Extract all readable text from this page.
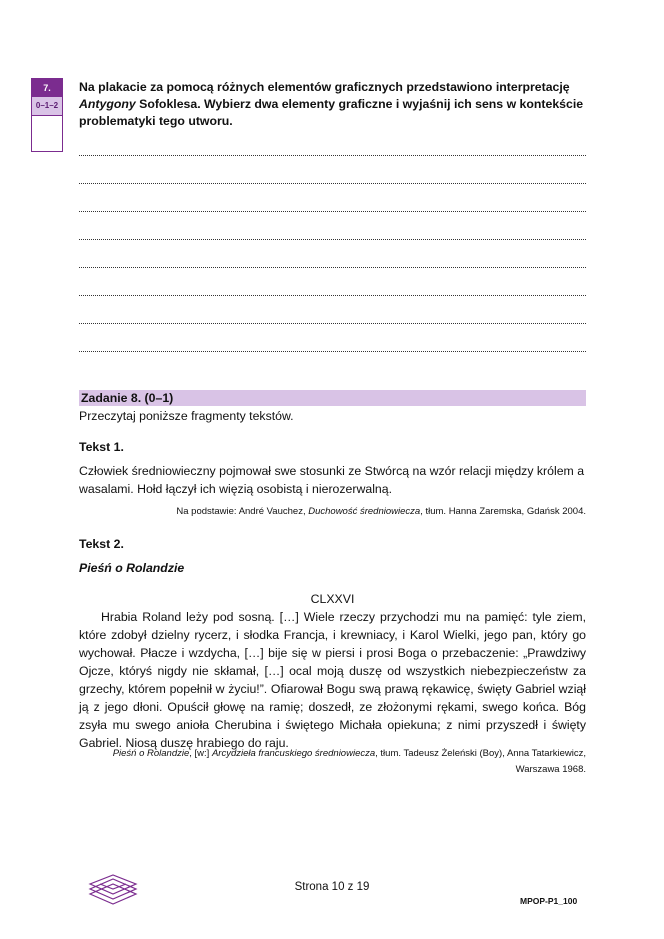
7.
0–1–2
Na plakacie za pomocą różnych elementów graficznych przedstawiono interpretację Antygony Sofoklesa. Wybierz dwa elementy graficzne i wyjaśnij ich sens w kontekście problematyki tego utworu.
Zadanie 8. (0–1)
Przeczytaj poniższe fragmenty tekstów.
Tekst 1.
Człowiek średniowieczny pojmował swe stosunki ze Stwórcą na wzór relacji między królem a wasalami. Hołd łączył ich więzią osobistą i nierozerwalną.
Na podstawie: André Vauchez, Duchowość średniowiecza, tłum. Hanna Zaremska, Gdańsk 2004.
Tekst 2.
Pieśń o Rolandzie
CLXXVI
Hrabia Roland leży pod sosną. […] Wiele rzeczy przychodzi mu na pamięć: tyle ziem, które zdobył dzielny rycerz, i słodka Francja, i krewniacy, i Karol Wielki, jego pan, który go wychował. Płacze i wzdycha, […] bije się w piersi i prosi Boga o przebaczenie: „Prawdziwy Ojcze, któryś nigdy nie skłamał, […] ocal moją duszę od wszystkich niebezpieczeństw za grzechy, którem popełnił w życiu!”. Ofiarował Bogu swą prawą rękawicę, święty Gabriel wziął ją z jego dłoni. Opuścił głowę na ramię; doszedł, ze złożonymi rękami, swego końca. Bóg zsyła mu swego anioła Cherubina i świętego Michała opiekuna; z nimi przyszedł i święty Gabriel. Niosą duszę hrabiego do raju.
Pieśń o Rolandzie, [w:] Arcydzieła francuskiego średniowiecza, tłum. Tadeusz Żeleński (Boy), Anna Tatarkiewicz,
Warszawa 1968.
Strona 10 z 19
MPOP-P1_100
